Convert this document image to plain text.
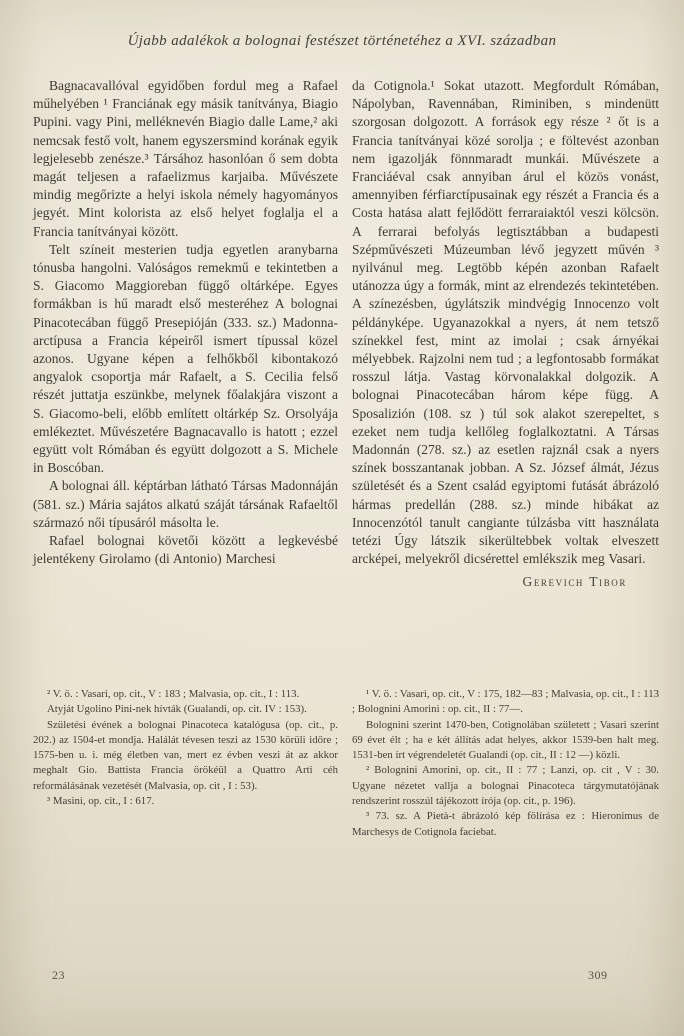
Újabb adalékok a bolognai festészet történetéhez a XVI. században

Bagnacavallóval egyidőben fordul meg a Rafael műhelyében ¹ Franciának egy másik tanítványa, Biagio Pupini. vagy Pini, melléknevén Biagio dalle Lame,² aki nemcsak festő volt, hanem egyszersmind korának egyik legjelesebb zenésze.³ Társához hasonlóan ő sem dobta magát teljesen a rafaelizmus karjaiba. Művészete mindig megőrizte a helyi iskola némely hagyományos jegyét. Mint kolorista az első helyet foglalja el a Francia tanítványai között.

Telt színeit mesterien tudja egyetlen aranybarna tónusba hangolni. Valóságos remekmű e tekintetben a S. Giacomo Maggioreban függő oltárképe. Egyes formákban is hű maradt első mesteréhez A bolognai Pinacotecában függő Presepióján (333. sz.) Madonna-arctípusa a Francia képeiről ismert típussal közel azonos. Ugyane képen a felhőkből kibontakozó angyalok csoportja már Rafaelt, a S. Cecilia felső részét juttatja eszünkbe, melynek főalakjára viszont a S. Giacomo-beli, előbb említett oltárkép Sz. Orsolyája emlékeztet. Művészetére Bagnacavallo is hatott ; ezzel együtt volt Rómában és együtt dolgozott a S. Michele in Boscóban.

A bolognai áll. képtárban látható Társas Madonnáján (581. sz.) Mária sajátos alkatú száját társának Rafaeltől származó női típusáról másolta le.

Rafael bolognai követői között a legkevésbé jelentékeny Girolamo (di Antonio) Marchesi

da Cotignola.¹ Sokat utazott. Megfordult Rómában, Nápolyban, Ravennában, Riminiben, s mindenütt szorgosan dolgozott. A források egy része ² őt is a Francia tanítványai közé sorolja ; e föltevést azonban nem igazolják fönnmaradt munkái. Művészete a Franciáéval csak annyiban árul el közös vonást, amennyiben férfiarctípusainak egy részét a Francia és a Costa hatása alatt fejlődött ferraraiaktól veszi kölcsön. A ferrarai befolyás legtisztábban a budapesti Szépművészeti Múzeumban lévő jegyzett művén ³ nyilvánul meg. Legtöbb képén azonban Rafaelt utánozza úgy a formák, mint az elrendezés tekintetében. A színezésben, úgylátszik mindvégig Innocenzo volt példányképe. Ugyanazokkal a nyers, át nem tetsző színekkel fest, mint az imolai ; csak árnyékai mélyebbek. Rajzolni nem tud ; a legfontosabb formákat rosszul látja. Vastag körvonalakkal dolgozik. A bolognai Pinacotecában három képe függ. A Sposalizión (108. sz ) túl sok alakot szerepeltet, s ezeket nem tudja kellőleg foglalkoztatni. A Társas Madonnán (278. sz.) az esetlen rajznál csak a nyers színek bosszantanak jobban. A Sz. József álmát, Jézus születését és a Szent család egyiptomi futását ábrázoló hármas predellán (288. sz.) minde hibákat az Innocenzótól tanult cangiante túlzásba vitt használata tetézi Úgy látszik sikerültebbek voltak elveszett arcképei, melyekről dicsérettel emlékszik meg Vasari.

Gerevich Tibor

² V. ö. : Vasari, op. cit., V : 183 ; Malvasia, op. cit., I : 113.

Atyját Ugolino Pini-nek hívták (Gualandi, op. cit. IV : 153).

Születési évének a bolognai Pinacoteca katalógusa (op. cit., p. 202.) az 1504-et mondja. Halálát tévesen teszi az 1530 körüli időre ; 1575-ben u. i. még életben van, mert ez évben veszi át az akkor meghalt Gio. Battista Francia örökéül a Quattro Arti céh reformálásának vezetését (Malvasia, op. cit , I : 53).

³ Masini, op. cit., I : 617.

¹ V. ö. : Vasari, op. cit., V : 175, 182—83 ; Malvasia, op. cit., I : 113 ; Bolognini Amorini : op. cit., II : 77—.

Bolognini szerint 1470-ben, Cotignolában született ; Vasari szerint 69 évet élt ; ha e két állítás adat helyes, akkor 1539-ben halt meg. 1531-ben írt végrendeletét Gualandi (op. cit., II : 12 —) közli.

² Bolognini Amorini, op. cit., II : 77 ; Lanzi, op. cit , V : 30. Ugyane nézetet vallja a bolognai Pinacoteca tárgymutatójának rendszerint rosszúl tájékozott írója (op. cit., p. 196).

³ 73. sz. A Pietà-t ábrázoló kép fölírása ez : Hieronimus de Marchesys de Cotignola faciebat.

23	309
